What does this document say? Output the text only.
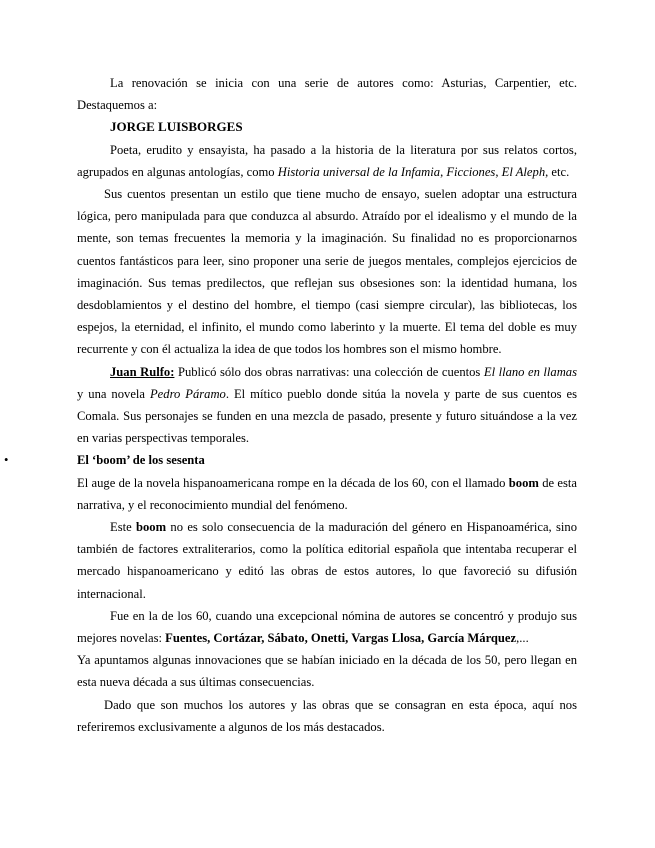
La renovación se inicia con una serie de autores como: Asturias, Carpentier, etc. Destaquemos a:

JORGE LUISBORGES

Poeta, erudito y ensayista, ha pasado a la historia de la literatura por sus relatos cortos, agrupados en algunas antologías, como Historia universal de la Infamia, Ficciones, El Aleph, etc.

Sus cuentos presentan un estilo que tiene mucho de ensayo, suelen adoptar una estructura lógica, pero manipulada para que conduzca al absurdo. Atraído por el idealismo y el mundo de la mente, son temas frecuentes la memoria y la imaginación. Su finalidad no es proporcionarnos cuentos fantásticos para leer, sino proponer una serie de juegos mentales, complejos ejercicios de imaginación. Sus temas predilectos, que reflejan sus obsesiones son: la identidad humana, los desdoblamientos y el destino del hombre, el tiempo (casi siempre circular), las bibliotecas, los espejos, la eternidad, el infinito, el mundo como laberinto y la muerte. El tema del doble es muy recurrente y con él actualiza la idea de que todos los hombres son el mismo hombre.

Juan Rulfo: Publicó sólo dos obras narrativas: una colección de cuentos El llano en llamas y una novela Pedro Páramo. El mítico pueblo donde sitúa la novela y parte de sus cuentos es Comala. Sus personajes se funden en una mezcla de pasado, presente y futuro situándose a la vez en varias perspectivas temporales.

•	El ‘boom’ de los sesenta

El auge de la novela hispanoamericana rompe en la década de los 60, con el llamado boom de esta narrativa, y el reconocimiento mundial del fenómeno.

Este boom no es solo consecuencia de la maduración del género en Hispanoamérica, sino también de factores extraliterarios, como la política editorial española que intentaba recuperar el mercado hispanoamericano y editó las obras de estos autores, lo que favoreció su difusión internacional.

Fue en la de los 60, cuando una excepcional nómina de autores se concentró y produjo sus mejores novelas: Fuentes, Cortázar, Sábato, Onetti, Vargas Llosa, García Márquez,...

Ya apuntamos algunas innovaciones que se habían iniciado en la década de los 50, pero llegan en esta nueva década a sus últimas consecuencias.

Dado que son muchos los autores y las obras que se consagran en esta época, aquí nos referiremos exclusivamente a algunos de los más destacados.
